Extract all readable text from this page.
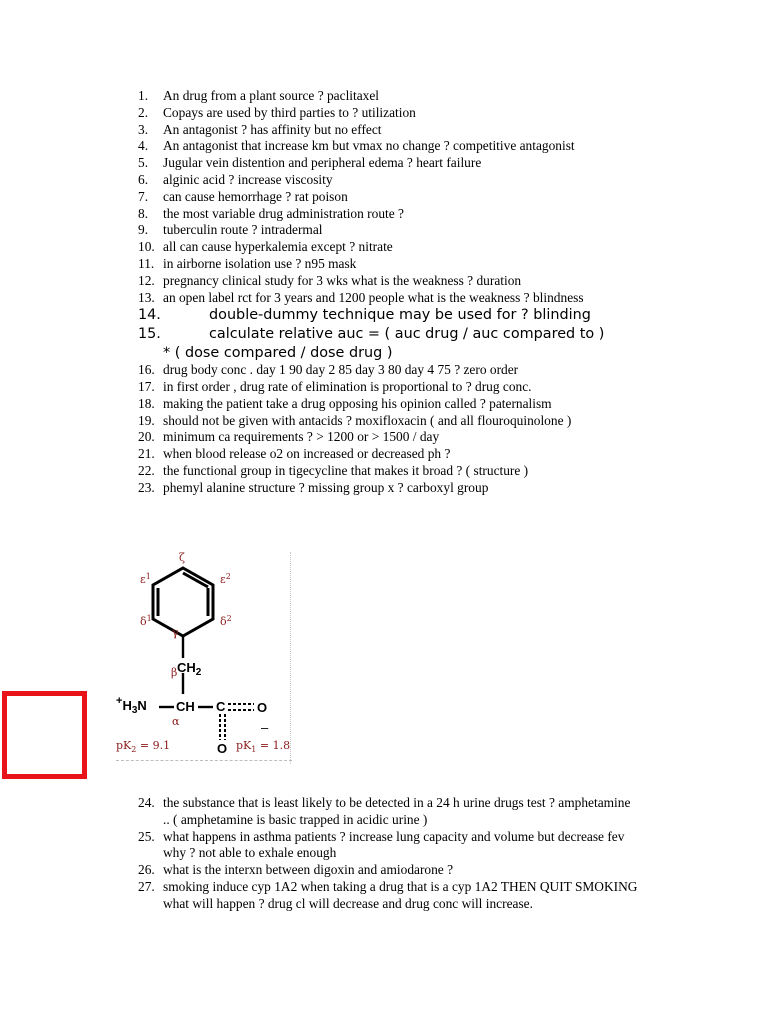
1. An drug from a plant source ? paclitaxel
2. Copays are used by third parties to ? utilization
3. An antagonist ? has affinity but no effect
4. An antagonist that increase km but vmax no change ? competitive antagonist
5. Jugular vein distention and peripheral edema ? heart failure
6. alginic acid ? increase viscosity
7. can cause hemorrhage ? rat poison
8. the most variable drug administration route ?
9. tuberculin route ? intradermal
10. all can cause hyperkalemia except ? nitrate
11. in airborne isolation use ? n95 mask
12. pregnancy clinical study for 3 wks what is the weakness ? duration
13. an open label rct for 3 years and 1200 people what is the weakness ? blindness
14.	double-dummy technique may be used for ? blinding
15.	calculate relative auc = ( auc drug / auc compared to )
* ( dose compared / dose drug )
16. drug body conc . day 1 90 day 2 85 day 3 80 day 4 75 ? zero order
17. in first order , drug rate of elimination is proportional to ? drug conc.
18. making the patient take a drug opposing his opinion called ? paternalism
19. should not be given with antacids ? moxifloxacin ( and all flouroquinolone )
20. minimum ca requirements ? > 1200 or > 1500 / day
21. when blood release o2 on increased or decreased ph ?
22. the functional group in tigecycline that makes it broad ? ( structure )
23. phemyl alanine structure ? missing group x ? carboxyl group
ζ
$\varepsilon^1$	$\varepsilon^2$
$\delta^1$	$\delta^2$
γ
β
α
$CH_2$
$^+H_3N$ CH C O
O
–
$pK_2 = 9.1$	$pK_1 = 1.8$
24. the substance that is least likely to be detected in a 24 h urine drugs test ? amphetamine .. ( amphetamine is basic trapped in acidic urine )
25. what happens in asthma patients ? increase lung capacity and volume but decrease fev why ? not able to exhale enough
26. what is the interxn between digoxin and amiodarone ?
27. smoking induce cyp 1A2 when taking a drug that is a cyp 1A2 THEN QUIT SMOKING what will happen ? drug cl will decrease and drug conc will increase.
